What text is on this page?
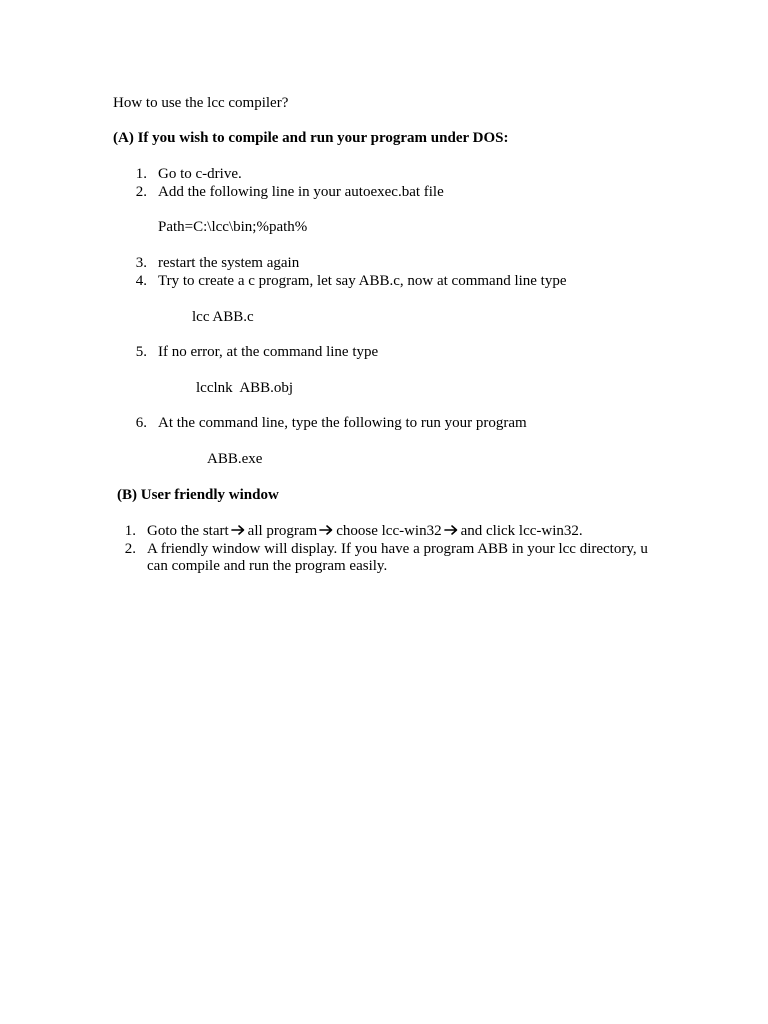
How to use the lcc compiler?
(A) If you wish to compile and run your program under DOS:
1. Go to c-drive.
2. Add the following line in your autoexec.bat file
Path=C:\lcc\bin;%path%
3. restart the system again
4. Try to create a c program, let say ABB.c, now at command line type
lcc ABB.c
5. If no error, at the command line type
lcclnk  ABB.obj
6. At the command line, type the following to run your program
ABB.exe
(B) User friendly window
1. Goto the start all program choose lcc-win32 and click lcc-win32.
2. A friendly window will display. If you have a program ABB in your lcc directory, u
can compile and run the program easily.
